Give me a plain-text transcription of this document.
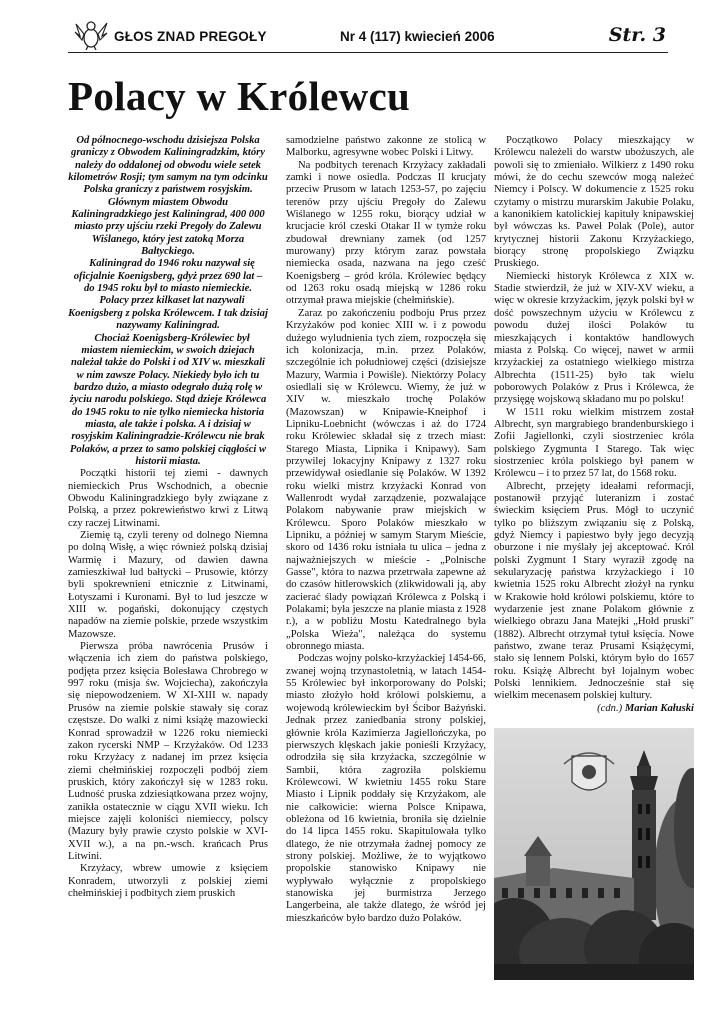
GŁOS ZNAD PREGOŁY	Nr 4 (117) kwiecień 2006	Str. 3
Polacy w Królewcu

Od północnego-wschodu dzisiejsza Polska graniczy z Obwodem Kaliningradzkim, który należy do oddalonej od obwodu wiele setek kilometrów Rosji; tym samym na tym odcinku Polska graniczy z państwem rosyjskim. Głównym miastem Obwodu Kaliningradzkiego jest Kaliningrad, 400 000 miasto przy ujściu rzeki Pregoły do Zalewu Wiślanego, który jest zatoką Morza Bałtyckiego.

Kaliningrad do 1946 roku nazywał się oficjalnie Koenigsberg, gdyż przez 690 lat – do 1945 roku był to miasto niemieckie.

Polacy przez kilkaset lat nazywali Koenigsberg z polska Królewcem. I tak dzisiaj nazywamy Kaliningrad.

Chociaż Koenigsberg-Królewiec był miastem niemieckim, w swoich dziejach należał także do Polski i od XIV w. mieszkali w nim zawsze Polacy. Niekiedy było ich tu bardzo dużo, a miasto odegrało dużą rolę w życiu narodu polskiego. Stąd dzieje Królewca do 1945 roku to nie tylko niemiecka historia miasta, ale także i polska. A i dzisiaj w rosyjskim Kaliningradzie-Królewcu nie brak Polaków, a przez to samo polskiej ciągłości w historii miasta.

Początki historii tej ziemi - dawnych niemieckich Prus Wschodnich, a obecnie Obwodu Kaliningradzkiego były związane z Polską, a przez pokrewieństwo krwi z Litwą czy raczej Litwinami.

Ziemię tą, czyli tereny od dolnego Niemna po dolną Wisłę, a więc również polską dzisiaj Warmię i Mazury, od dawien dawna zamieszkiwał lud bałtycki – Prusowie, którzy byli spokrewnieni etnicznie z Litwinami, Łotyszami i Kuronami. Był to lud jeszcze w XIII w. pogański, dokonujący częstych napadów na ziemie polskie, przede wszystkim Mazowsze.

Pierwsza próba nawrócenia Prusów i włączenia ich ziem do państwa polskiego, podjęta przez księcia Bolesława Chrobrego w 997 roku (misja św. Wojciecha), zakończyła się niepowodzeniem. W XI-XIII w. napady Prusów na ziemie polskie stawały się coraz częstsze. Do walki z nimi książę mazowiecki Konrad sprowadził w 1226 roku niemiecki zakon rycerski NMP – Krzyżaków. Od 1233 roku Krzyżacy z nadanej im przez księcia ziemi chełmińskiej rozpoczęli podbój ziem pruskich, który zakończył się w 1283 roku. Ludność pruska zdziesiątkowana przez wojny, zanikła ostatecznie w ciągu XVII wieku. Ich miejsce zajęli koloniści niemieccy, polscy (Mazury były prawie czysto polskie w XVI-XVII w.), a na pn.-wsch. krańcach Prus Litwini.

Krzyżacy, wbrew umowie z księciem Konradem, utworzyli z polskiej ziemi chełmińskiej i podbitych ziem pruskich

samodzielne państwo zakonne ze stolicą w Malborku, agresywne wobec Polski i Litwy.

Na podbitych terenach Krzyżacy zakładali zamki i nowe osiedla. Podczas II krucjaty przeciw Prusom w latach 1253-57, po zajęciu terenów przy ujściu Pregoły do Zalewu Wiślanego w 1255 roku, biorący udział w krucjacie król czeski Otakar II w tymże roku zbudował drewniany zamek (od 1257 murowany) przy którym zaraz powstała niemiecka osada, nazwana na jego cześć Koenigsberg – gród króla. Królewiec będący od 1263 roku osadą miejską w 1286 roku otrzymał prawa miejskie (chełmińskie).

Zaraz po zakończeniu podboju Prus przez Krzyżaków pod koniec XIII w. i z powodu dużego wyludnienia tych ziem, rozpoczęła się ich kolonizacja, m.in. przez Polaków, szczególnie ich południowej części (dzisiejsze Mazury, Warmia i Powiśle). Niektórzy Polacy osiedlali się w Królewcu. Wiemy, że już w XIV w. mieszkało trochę Polaków (Mazowszan) w Knipawie-Kneiphof i Lipniku-Loebnicht (wówczas i aż do 1724 roku Królewiec składał się z trzech miast: Starego Miasta, Lipnika i Knipawy). Sam przywilej lokacyjny Knipawy z 1327 roku przewidywał osiedlanie się Polaków. W 1392 roku wielki mistrz krzyżacki Konrad von Wallenrodt wydał zarządzenie, pozwalające Polakom nabywanie praw miejskich w Królewcu. Sporo Polaków mieszkało w Lipniku, a później w samym Starym Mieście, skoro od 1436 roku istniała tu ulica – jedna z najważniejszych w mieście - „Polnische Gasse", która to nazwa przetrwała zapewne aż do czasów hitlerowskich (zlikwidowali ją, aby zacierać ślady powiązań Królewca z Polską i Polakami; była jeszcze na planie miasta z 1928 r.), a w pobliżu Mostu Katedralnego była „Polska Wieża", należąca do systemu obronnego miasta.

Podczas wojny polsko-krzyżackiej 1454-66, zwanej wojną trzynastoletnią, w latach 1454-55 Królewiec był inkorporowany do Polski; miasto złożyło hołd królowi polskiemu, a wojewodą królewieckim był Ścibor Bażyński. Jednak przez zaniedbania strony polskiej, głównie króla Kazimierza Jagiellończyka, po pierwszych klęskach jakie ponieśli Krzyżacy, odrodziła się siła krzyżacka, szczególnie w Sambii, która zagroziła polskiemu Królewcowi. W kwietniu 1455 roku Stare Miasto i Lipnik poddały się Krzyżakom, ale nie całkowicie: wierna Polsce Knipawa, obleżona od 16 kwietnia, broniła się dzielnie do 14 lipca 1455 roku. Skapitulowała tylko dlatego, że nie otrzymała żadnej pomocy ze strony polskiej. Możliwe, że to wyjątkowo propolskie stanowisko Knipawy nie wypływało wyłącznie z propolskiego stanowiska jej burmistrza Jerzego Langerbeina, ale także dlatego, że wśród jej mieszkańców było bardzo dużo Polaków.

Początkowo Polacy mieszkający w Królewcu należeli do warstw ubożuszych, ale powoli się to zmieniało. Wilkierz z 1490 roku mówi, że do cechu szewców mogą należeć Niemcy i Polscy. W dokumencie z 1525 roku czytamy o mistrzu murarskim Jakubie Polaku, a kanonikiem katolickiej kapituły knipawskiej był wówczas ks. Paweł Polak (Pole), autor krytycznej historii Zakonu Krzyżackiego, biorący stronę propolskiego Związku Pruskiego.

Niemiecki historyk Królewca z XIX w. Stadie stwierdził, że już w XIV-XV wieku, a więc w okresie krzyżackim, język polski był w dość powszechnym użyciu w Królewcu z powodu dużej ilości Polaków tu mieszkających i kontaktów handlowych miasta z Polską. Co więcej, nawet w armii krzyżackiej za ostatniego wielkiego mistrza Albrechta (1511-25) było tak wielu poborowych Polaków z Prus i Królewca, że przysięgę wojskową składano mu po polsku!

W 1511 roku wielkim mistrzem został Albrecht, syn margrabiego brandenburskiego i Zofii Jagiellonki, czyli siostrzeniec króla polskiego Zygmunta I Starego. Tak więc siostrzeniec króla polskiego był panem w Królewcu – i to przez 57 lat, do 1568 roku.

Albrecht, przejęty ideałami reformacji, postanowił przyjąć luteranizm i zostać świeckim księciem Prus. Mógł to uczynić tylko po bliższym związaniu się z Polską, gdyż Niemcy i papiestwo były jego decyzją oburzone i nie myślały jej akceptować. Król polski Zygmunt I Stary wyraził zgodę na sekularyzację państwa krzyżackiego i 10 kwietnia 1525 roku Albrecht złożył na rynku w Krakowie hołd królowi polskiemu, które to wydarzenie jest znane Polakom głównie z wielkiego obrazu Jana Matejki „Hołd pruski" (1882). Albrecht otrzymał tytuł księcia. Nowe państwo, zwane teraz Prusami Książęcymi, stało się lennem Polski, którym było do 1657 roku. Książę Albrecht był lojalnym wobec Polski lennikiem. Jednocześnie stał się wielkim mecenasem polskiej kultury.

(cdn.) Marian Kałuski
